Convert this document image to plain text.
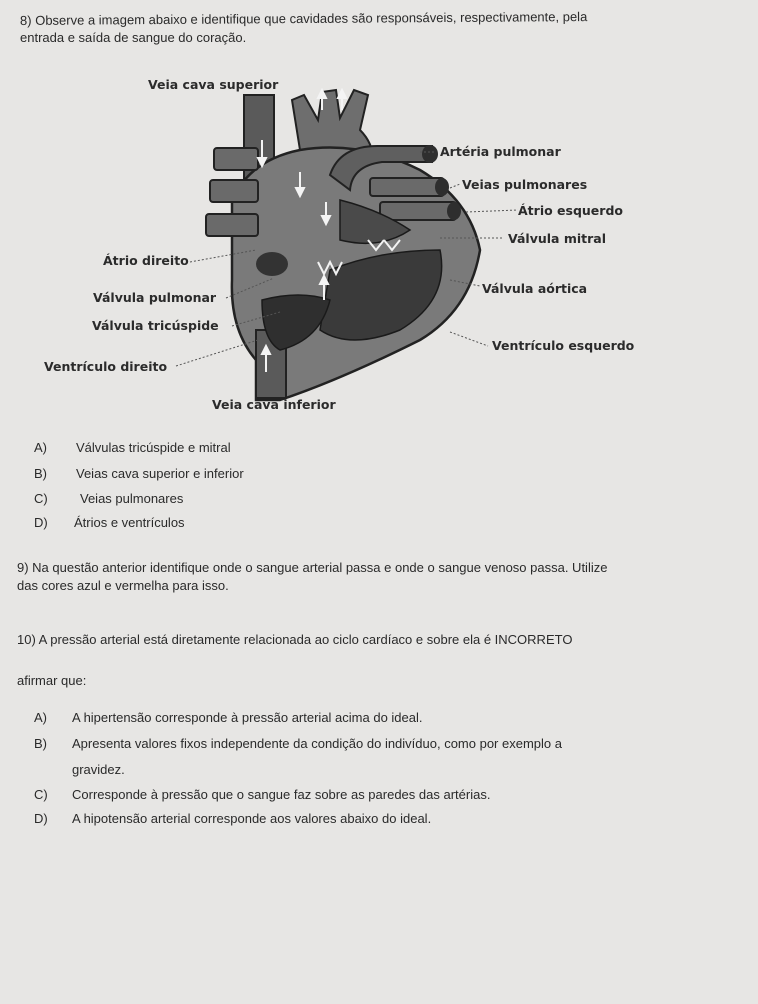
8) Observe a imagem abaixo e identifique que cavidades são responsáveis, respectivamente, pela
entrada e saída de sangue do coração.
Veia cava superior
Artéria pulmonar
Veias pulmonares
Átrio esquerdo
Válvula mitral
Átrio direito
Válvula pulmonar
Válvula aórtica
Válvula tricúspide
Ventrículo esquerdo
Ventrículo direito
Veia cava inferior
A) Válvulas tricúspide e mitral
B) Veias cava superior e inferior
C) Veias pulmonares
D) Átrios e ventrículos
9) Na questão anterior identifique onde o sangue arterial passa e onde o sangue venoso passa. Utilize
das cores azul e vermelha para isso.
10) A pressão arterial está diretamente relacionada ao ciclo cardíaco e sobre ela é INCORRETO
afirmar que:
A) A hipertensão corresponde à pressão arterial acima do ideal.
B) Apresenta valores fixos independente da condição do indivíduo, como por exemplo a
gravidez.
C) Corresponde à pressão que o sangue faz sobre as paredes das artérias.
D) A hipotensão arterial corresponde aos valores abaixo do ideal.
